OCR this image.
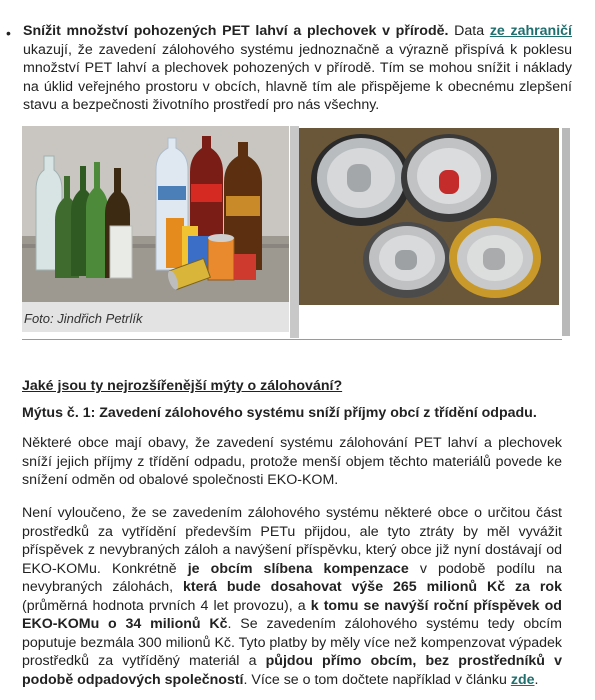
• Snížit množství pohozených PET lahví a plechovek v přírodě. Data ze zahraničí ukazují, že zavedení zálohového systému jednoznačně a výrazně přispívá k poklesu množství PET lahví a plechovek pohozených v přírodě. Tím se mohou snížit i náklady na úklid veřejného prostoru v obcích, hlavně tím ale přispějeme k obecnému zlepšení stavu a bezpečnosti životního prostředí pro nás všechny.

Foto: Jindřich Petrlík

Jaké jsou ty nejrozšířenější mýty o zálohování?

Mýtus č. 1: Zavedení zálohového systému sníží příjmy obcí z třídění odpadu.

Některé obce mají obavy, že zavedení systému zálohování PET lahví a plechovek sníží jejich příjmy z třídění odpadu, protože menší objem těchto materiálů povede ke snížení odměn od obalové společnosti EKO-KOM.

Není vyloučeno, že se zavedením zálohového systému některé obce o určitou část prostředků za vytřídění především PETu přijdou, ale tyto ztráty by měl vyvážit příspěvek z nevybraných záloh a navýšení příspěvku, který obce již nyní dostávají od EKO-KOMu. Konkrétně je obcím slíbena kompenzace v podobě podílu na nevybraných zálohách, která bude dosahovat výše 265 milionů Kč za rok (průměrná hodnota prvních 4 let provozu), a k tomu se navýší roční příspěvek od EKO-KOMu o 34 milionů Kč. Se zavedením zálohového systému tedy obcím poputuje bezmála 300 milionů Kč. Tyto platby by měly více než kompenzovat výpadek prostředků za vytříděný materiál a půjdou přímo obcím, bez prostředníků v podobě odpadových společností. Více se o tom dočtete například v článku zde.
